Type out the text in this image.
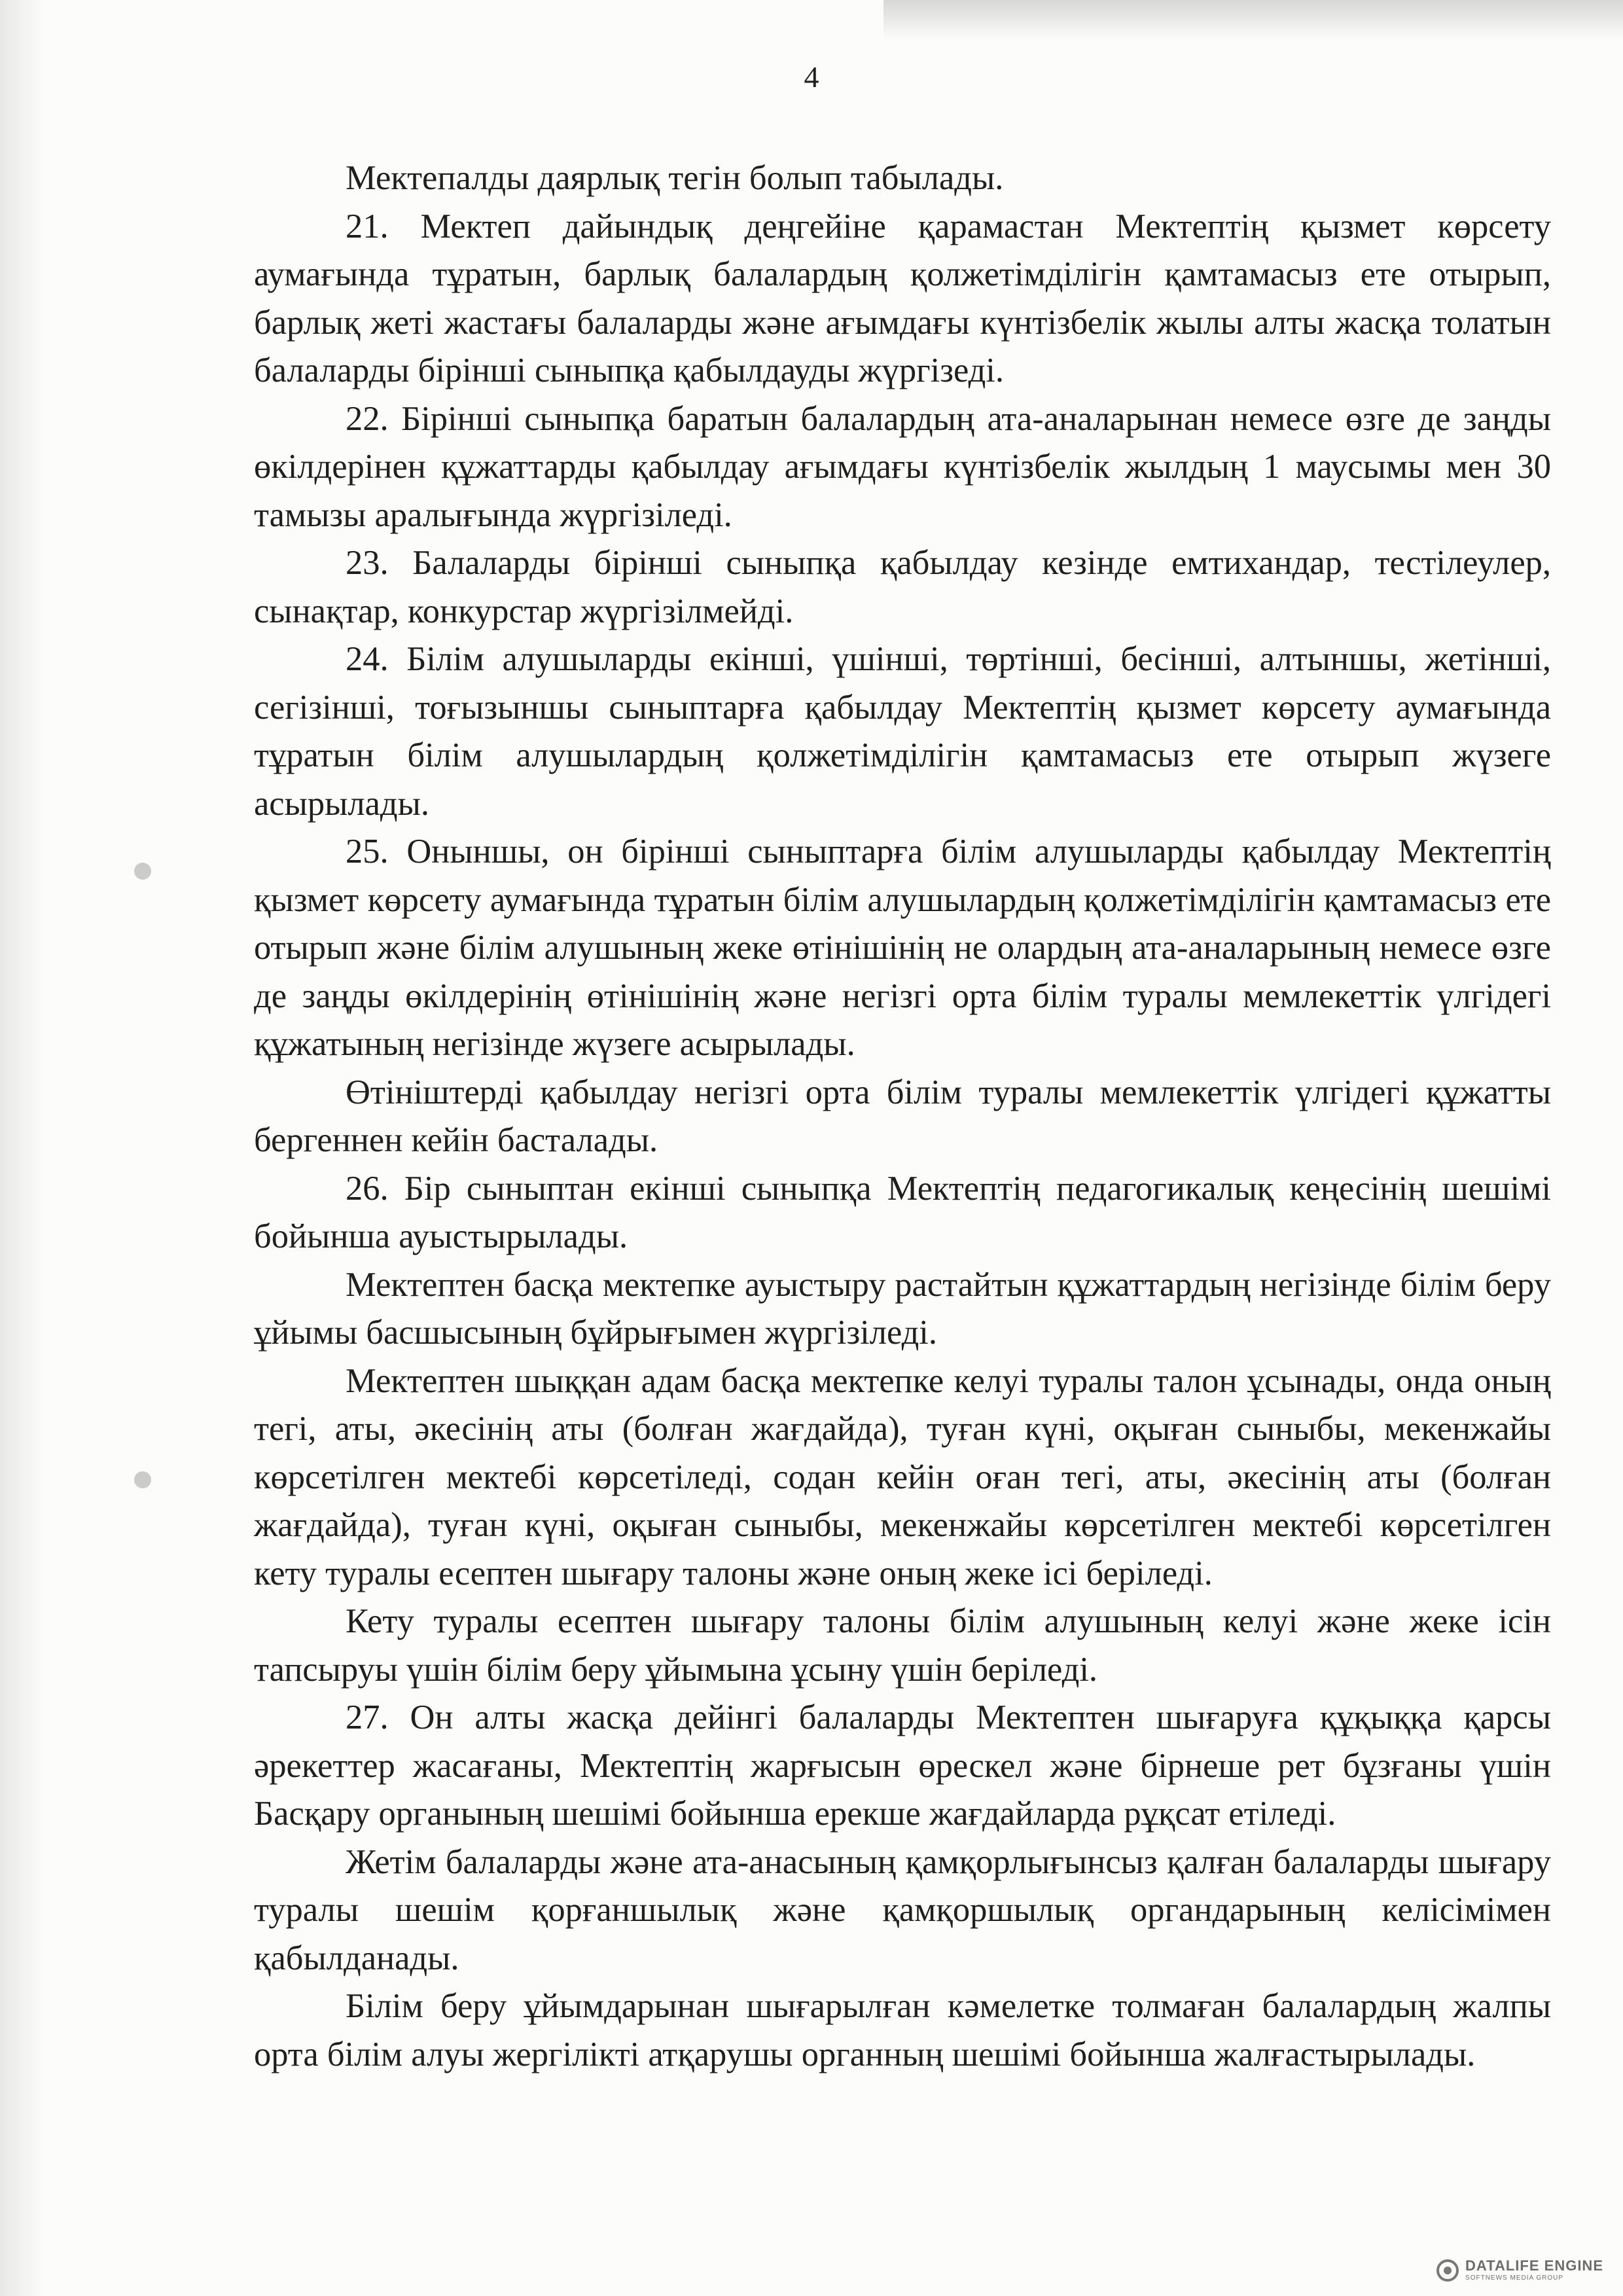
4

Мектепалды даярлық тегін болып табылады.

21. Мектеп дайындық деңгейіне қарамастан Мектептің қызмет көрсету аумағында тұратын, барлық балалардың қолжетімділігін қамтамасыз ете отырып, барлық жеті жастағы балаларды және ағымдағы күнтізбелік жылы алты жасқа толатын балаларды бірінші сыныпқа қабылдауды жүргізеді.

22. Бірінші сыныпқа баратын балалардың ата-аналарынан немесе өзге де заңды өкілдерінен құжаттарды қабылдау ағымдағы күнтізбелік жылдың 1 маусымы мен 30 тамызы аралығында жүргізіледі.

23. Балаларды бірінші сыныпқа қабылдау кезінде емтихандар, тестілеулер, сынақтар, конкурстар жүргізілмейді.

24. Білім алушыларды екінші, үшінші, төртінші, бесінші, алтыншы, жетінші, сегізінші, тоғызыншы сыныптарға қабылдау Мектептің қызмет көрсету аумағында тұратын білім алушылардың қолжетімділігін қамтамасыз ете отырып жүзеге асырылады.

25. Оныншы, он бірінші сыныптарға білім алушыларды қабылдау Мектептің қызмет көрсету аумағында тұратын білім алушылардың қолжетімділігін қамтамасыз ете отырып және білім алушының жеке өтінішінің не олардың ата-аналарының немесе өзге де заңды өкілдерінің өтінішінің және негізгі орта білім туралы мемлекеттік үлгідегі құжатының негізінде жүзеге асырылады.

Өтініштерді қабылдау негізгі орта білім туралы мемлекеттік үлгідегі құжатты бергеннен кейін басталады.

26. Бір сыныптан екінші сыныпқа Мектептің педагогикалық кеңесінің шешімі бойынша ауыстырылады.

Мектептен басқа мектепке ауыстыру растайтын құжаттардың негізінде білім беру ұйымы басшысының бұйрығымен жүргізіледі.

Мектептен шыққан адам басқа мектепке келуі туралы талон ұсынады, онда оның тегі, аты, әкесінің аты (болған жағдайда), туған күні, оқыған сыныбы, мекенжайы көрсетілген мектебі көрсетіледі, содан кейін оған тегі, аты, әкесінің аты (болған жағдайда), туған күні, оқыған сыныбы, мекенжайы көрсетілген мектебі көрсетілген кету туралы есептен шығару талоны және оның жеке ісі беріледі.

Кету туралы есептен шығару талоны білім алушының келуі және жеке ісін тапсыруы үшін білім беру ұйымына ұсыну үшін беріледі.

27. Он алты жасқа дейінгі балаларды Мектептен шығаруға құқыққа қарсы әрекеттер жасағаны, Мектептің жарғысын өрескел және бірнеше рет бұзғаны үшін Басқару органының шешімі бойынша ерекше жағдайларда рұқсат етіледі.

Жетім балаларды және ата-анасының қамқорлығынсыз қалған балаларды шығару туралы шешім қорғаншылық және қамқоршылық органдарының келісімімен қабылданады.

Білім беру ұйымдарынан шығарылған кәмелетке толмаған балалардың жалпы орта білім алуы жергілікті атқарушы органның шешімі бойынша жалғастырылады.

DATALIFE ENGINE
SOFTNEWS MEDIA GROUP
